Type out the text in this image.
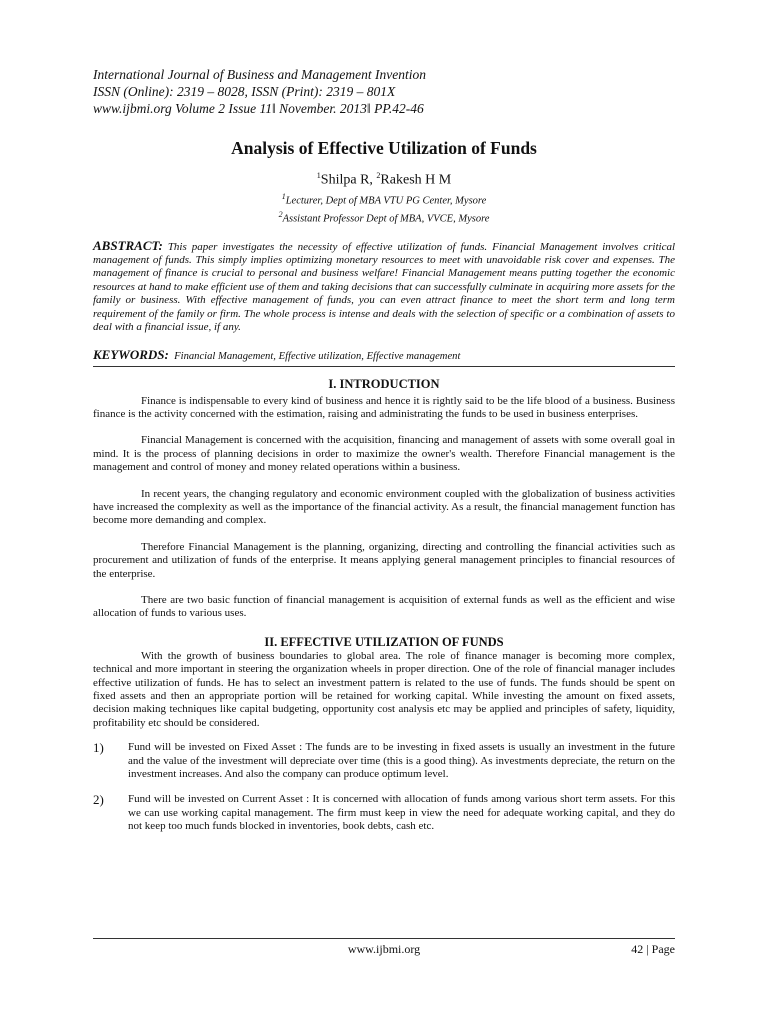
International Journal of Business and Management Invention
ISSN (Online): 2319 – 8028, ISSN (Print): 2319 – 801X
www.ijbmi.org Volume 2 Issue 11ǁ November. 2013ǁ PP.42-46
Analysis of Effective Utilization of Funds
$^1$Shilpa R, $^2$Rakesh H M
$^1$Lecturer, Dept of MBA VTU PG Center, Mysore
$^2$Assistant Professor Dept of MBA, VVCE, Mysore
ABSTRACT: This paper investigates the necessity of effective utilization of funds. Financial Management involves critical management of funds. This simply implies optimizing monetary resources to meet with unavoidable risk cover and expenses. The management of finance is crucial to personal and business welfare! Financial Management means putting together the economic resources at hand to make efficient use of them and taking decisions that can successfully culminate in acquiring more assets for the family or business. With effective management of funds, you can even attract finance to meet the short term and long term requirement of the family or firm. The whole process is intense and deals with the selection of specific or a combination of assets to deal with a financial issue, if any.
KEYWORDS: Financial Management, Effective utilization, Effective management
I. INTRODUCTION

Finance is indispensable to every kind of business and hence it is rightly said to be the life blood of a business. Business finance is the activity concerned with the estimation, raising and administrating the funds to be used in business enterprises.

Financial Management is concerned with the acquisition, financing and management of assets with some overall goal in mind. It is the process of planning decisions in order to maximize the owner's wealth. Therefore Financial management is the management and control of money and money related operations within a business.

In recent years, the changing regulatory and economic environment coupled with the globalization of business activities have increased the complexity as well as the importance of the financial activity. As a result, the financial management function has become more demanding and complex.

Therefore Financial Management is the planning, organizing, directing and controlling the financial activities such as procurement and utilization of funds of the enterprise. It means applying general management principles to financial resources of the enterprise.

There are two basic function of financial management is acquisition of external funds as well as the efficient and wise allocation of funds to various uses.

II. EFFECTIVE UTILIZATION OF FUNDS

With the growth of business boundaries to global area. The role of finance manager is becoming more complex, technical and more important in steering the organization wheels in proper direction. One of the role of financial manager includes effective utilization of funds. He has to select an investment pattern is related to the use of funds. The funds should be spent on fixed assets and then an appropriate portion will be retained for working capital. While investing the amount on fixed assets, decision making techniques like capital budgeting, opportunity cost analysis etc may be applied and principles of safety, liquidity, profitability etc should be considered.

1)	Fund will be invested on Fixed Asset : The funds are to be investing in fixed assets is usually an investment in the future and the value of the investment will depreciate over time (this is a good thing). As investments depreciate, the return on the investment increases. And also the company can produce optimum level.
2)	Fund will be invested on Current Asset : It is concerned with allocation of funds among various short term assets. For this we can use working capital management. The firm must keep in view the need for adequate working capital, and they do not keep too much funds blocked in inventories, book debts, cash etc.
www.ijbmi.org	42 | Page
